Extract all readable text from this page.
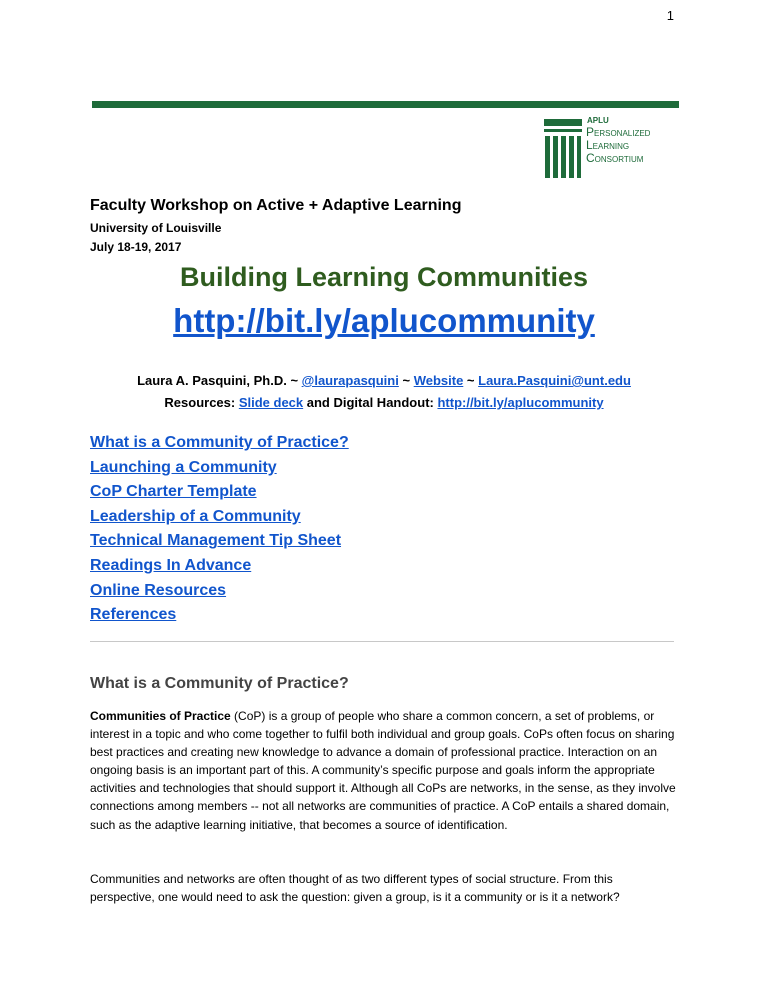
1
APLU
Personalized
Learning
Consortium
Faculty Workshop on Active + Adaptive Learning
University of Louisville
July 18-19, 2017
Building Learning Communities
http://bit.ly/aplucommunity
Laura A. Pasquini, Ph.D. ~ @laurapasquini ~ Website ~ Laura.Pasquini@unt.edu
Resources: Slide deck and Digital Handout: http://bit.ly/aplucommunity
What is a Community of Practice?
Launching a Community
CoP Charter Template
Leadership of a Community
Technical Management Tip Sheet
Readings In Advance
Online Resources
References
What is a Community of Practice?

Communities of Practice (CoP) is a group of people who share a common concern, a set of problems, or interest in a topic and who come together to fulfil both individual and group goals. CoPs often focus on sharing best practices and creating new knowledge to advance a domain of professional practice. Interaction on an ongoing basis is an important part of this. A community’s specific purpose and goals inform the appropriate activities and technologies that should support it. Although all CoPs are networks, in the sense, as they involve connections among members -- not all networks are communities of practice. A CoP entails a shared domain, such as the adaptive learning initiative, that becomes a source of identification.

Communities and networks are often thought of as two different types of social structure. From this perspective, one would need to ask the question: given a group, is it a community or is it a network?
